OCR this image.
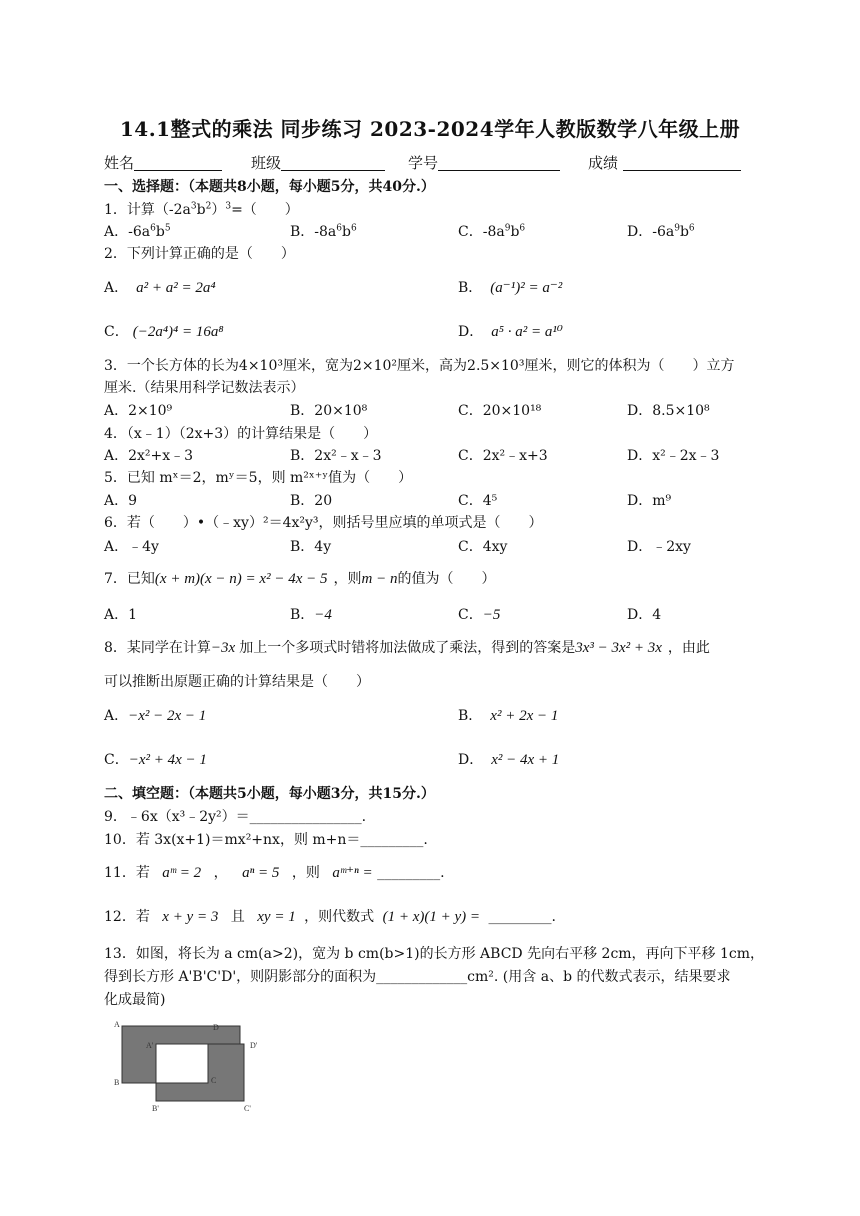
14.1整式的乘法 同步练习 2023-2024学年人教版数学八年级上册
姓名	班级	学号	成绩
一、选择题：（本题共8小题，每小题5分，共40分.）
1．计算$(-2a^3b^2)^3=$（　　）
A．$-6a^6b^5$	B．$-8a^6b^6$	C．$-8a^9b^6$	D．$-6a^9b^6$
2．下列计算正确的是（　　）
A． a² + a² = 2a⁴	B． (a⁻¹)² = a⁻²
C． (−2a⁴)⁴ = 16a⁸	D． a⁵ · a² = a¹⁰
3．一个长方体的长为4×10³厘米，宽为2×10²厘米，高为2.5×10³厘米，则它的体积为（　　）立方
厘米.（结果用科学记数法表示）
A．2×10⁹	B．20×10⁸	C．20×10¹⁸	D．8.5×10⁸
4．（x﹣1）（2x+3）的计算结果是（　　）
A．2x²+x﹣3	B．2x²﹣x﹣3	C．2x²﹣x+3	D．x²﹣2x﹣3
5．已知 mˣ＝2，mʸ＝5，则 m²ˣ⁺ʸ值为（　　）
A．9	B．20	C．4⁵	D．m⁹
6．若（　　）•（﹣xy）²＝4x²y³，则括号里应填的单项式是（　　）
A．﹣4y	B．4y	C．4xy	D．﹣2xy
7．已知(x + m)(x − n) = x² − 4x − 5 ，则m − n的值为（　　）
A．1	B．−4	C．−5	D．4
8．某同学在计算−3x 加上一个多项式时错将加法做成了乘法，得到的答案是3x³ − 3x² + 3x ，由此
可以推断出原题正确的计算结果是（　　）
A．−x² − 2x − 1	B． x² + 2x − 1
C．−x² + 4x − 1	D． x² − 4x + 1
二、填空题：（本题共5小题，每小题3分，共15分.）
9．﹣6x（x³﹣2y²）＝________________.
10．若 3x(x+1)＝mx²+nx，则 m+n＝_________.
11．若 aᵐ = 2 ， aⁿ = 5 ，则 aᵐ⁺ⁿ = _________.
12．若 x + y = 3 且 xy = 1 ，则代数式 (1 + x)(1 + y) = _________.
13．如图，将长为 a cm(a>2)，宽为 b cm(b>1)的长方形 ABCD 先向右平移 2cm，再向下平移 1cm，
得到长方形 A'B'C'D'，则阴影部分的面积为_____________cm². (用含 a、b 的代数式表示，结果要求
化成最简)
A	D
A'	D'
B	C
B'	C'
